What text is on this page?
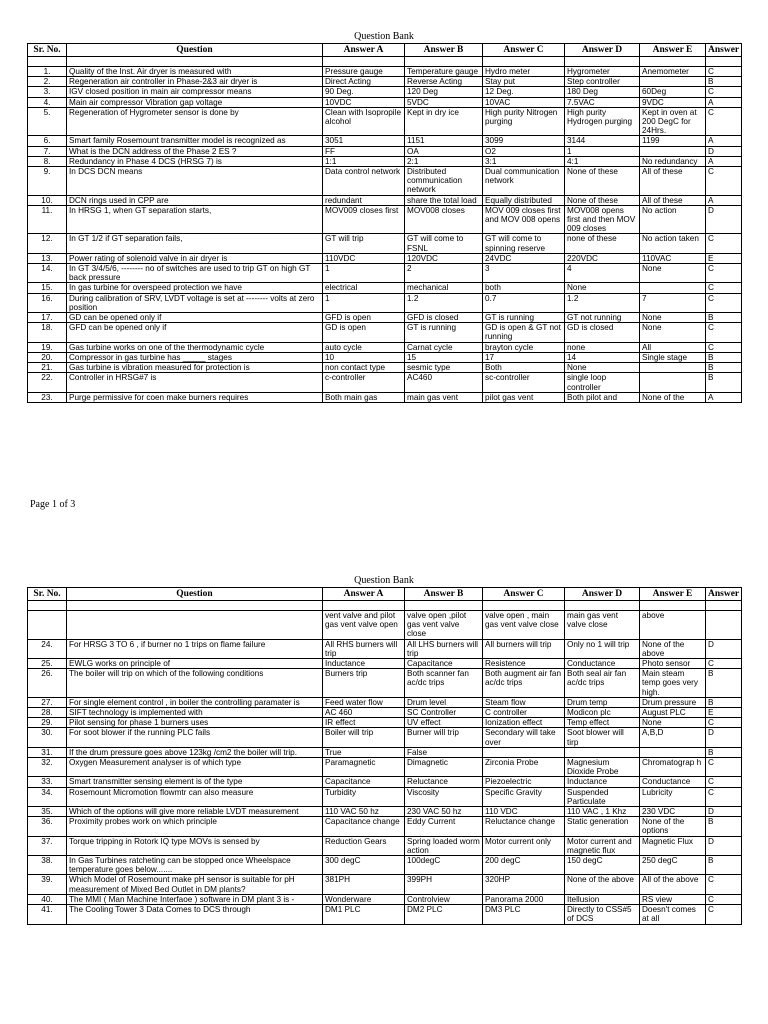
Question Bank
Sr. No.	Question	Answer A	Answer B	Answer C	Answer D	Answer E	Answer

1.	Quality of the Inst. Air dryer is measured with	Pressure gauge	Temperature gauge	Hydro meter	Hygrometer	Anemometer	C
2.	Regeneration air controller in Phase-2&3 air dryer is	Direct Acting	Reverse Acting	Stay put	Step controller		B
3.	IGV closed position in main air compressor means	90 Deg.	120 Deg	12 Deg.	180 Deg	60Deg	C
4.	Main air compressor Vibration gap voltage	10VDC	5VDC	10VAC	7.5VAC	9VDC	A
5.	Regeneration of Hygrometer sensor is done by	Clean with Isopropile alcohol	Kept in dry ice	High purity Nitrogen purging	High purity Hydrogen purging	Kept in oven at 200 DegC for 24Hrs.	C
6.	Smart family Rosemount transmitter model is recognized as	3051	1151	3099	3144	1199	A
7.	What is the DCN address of the Phase 2 ES ?	FF	OA	O2	1		D
8.	Redundancy in Phase 4 DCS (HRSG 7) is	1:1	2:1	3:1	4:1	No redundancy	A
9.	In DCS DCN means	Data control network	Distributed communication network	Dual communication network	None of these	All of these	C
10.	DCN rings used in CPP are	redundant	share the total load	Equally distributed	None of these	All of these	A
11.	In HRSG 1, when GT separation starts,	MOV009 closes first	MOV008 closes	MOV 009 closes first and MOV 008 opens	MOV008 opens first and then MOV 009 closes	No action	D
12.	In GT 1/2 if GT separation fails,	GT will trip	GT will come to FSNL	GT will come to spinning reserve	none of these	No action taken	C
13.	Power rating of solenoid valve in air dryer is	110VDC	120VDC	24VDC	220VDC	110VAC	E
14.	In GT 3/4/5/6, -------- no of switches are used to trip GT on high GT back pressure	1	2	3	4	None	C
15.	In gas turbine for overspeed protection we have	electrical	mechanical	both	None		C
16.	During calibration of SRV, LVDT voltage is set at -------- volts at zero position	1	1.2	0.7	1.2	7	C
17.	GD can be opened only if	GFD is open	GFD is closed	GT is running	GT not running	None	B
18.	GFD can be opened only if	GD is open	GT is running	GD is open & GT not running	GD is closed	None	C
19.	Gas turbine works on one of the thermodynamic cycle	auto cycle	Carnat cycle	brayton cycle	none	All	C
20.	Compressor in gas turbine has _____ stages	10	15	17	14	Single stage	B
21.	Gas turbine is vibration measured for protection is	non contact type	sesmic type	Both	None		B
22.	Controller in HRSG#7 is	c-controller	AC460	sc-controller	single loop controller		B
23.	Purge permissive for coen make burners requires	Both main gas	main gas vent	pilot gas vent	Both pilot and	None of the	A
Page 1 of 3
Question Bank
Sr. No.	Question	Answer A	Answer B	Answer C	Answer D	Answer E	Answer

		vent valve and pilot gas vent valve open	valve open ,pilot gas vent valve close	valve open , main gas vent valve close	main gas vent valve close	above	
24.	For HRSG 3 TO 6 , if burner no 1 trips on flame failure	All RHS burners will trip	All LHS burners will trip	All burners will trip	Only no 1 will trip	None of the above	D
25.	EWLG works on principle of	Inductance	Capacitance	Resistence	Conductance	Photo sensor	C
26.	The boiler will trip on which of the following conditions	Burners trip	Both scanner fan ac/dc trips	Both augment air fan ac/dc trips	Both seal air fan ac/dc trips	Main steam temp goes very high.	B
27.	For single element control , in boiler the controlling paramater is	Feed water flow	Drum level	Steam flow	Drum temp	Drum pressure	B
28.	SIFT technology is implemented with	AC 460	SC Controller	C controller	Modicon plc	August PLC	E
29.	Pilot sensing for phase 1 burners uses	IR effect	UV effect	Ionization effect	Temp effect	None	C
30.	For soot blower if the running PLC fails	Boiler will trip	Burner will trip	Secondary will take over	Soot blower will tirp	A,B,D	D
31.	If the drum pressure goes above 123kg /cm2 the boiler will trip.	True	False				B
32.	Oxygen Measurement analyser is of which type	Paramagnetic	Dimagnetic	Zirconia Probe	Magnesium Dioxide Probe	Chromatograp h	C
33.	Smart transmitter sensing element is of the type	Capacitance	Reluctance	Piezoelectric	Inductance	Conductance	C
34.	Rosemount Micromotion flowmtr can also measure	Turbidity	Viscosity	Specific Gravity	Suspended Particulate	Lubricity	C
35.	Which of the options will give more reliable LVDT measurement	110 VAC 50 hz	230 VAC 50 hz	110 VDC	110 VAC , 1 Khz	230 VDC	D
36.	Proximity probes work on which principle	Capacitance change	Eddy Current	Reluctance change	Static generation	None of the options	B
37.	Torque tripping in Rotork IQ type MOVs is sensed by	Reduction Gears	Spring loaded worm action	Motor current only	Motor current and magnetic flux	Magnetic Flux	D
38.	In Gas Turbines ratcheting can be stopped once Wheelspace temperature goes below.......	300 degC	100degC	200 degC	150 degC	250 degC	B
39.	Which Model of Rosemount make pH sensor is suitable for pH measurement of Mixed Bed Outlet in DM plants?	381PH	399PH	320HP	None of the above	All of the above	C
40.	The MMI ( Man Machine Interfaoe ) software in DM plant 3 is -	Wonderware	Controlview	Panorama 2000	Itellusion	RS view	C
41.	The Cooling Tower 3 Data Comes to DCS through	DM1 PLC	DM2 PLC	DM3 PLC	Directly to CSS#5 of DCS	Doesn't comes at all	C
